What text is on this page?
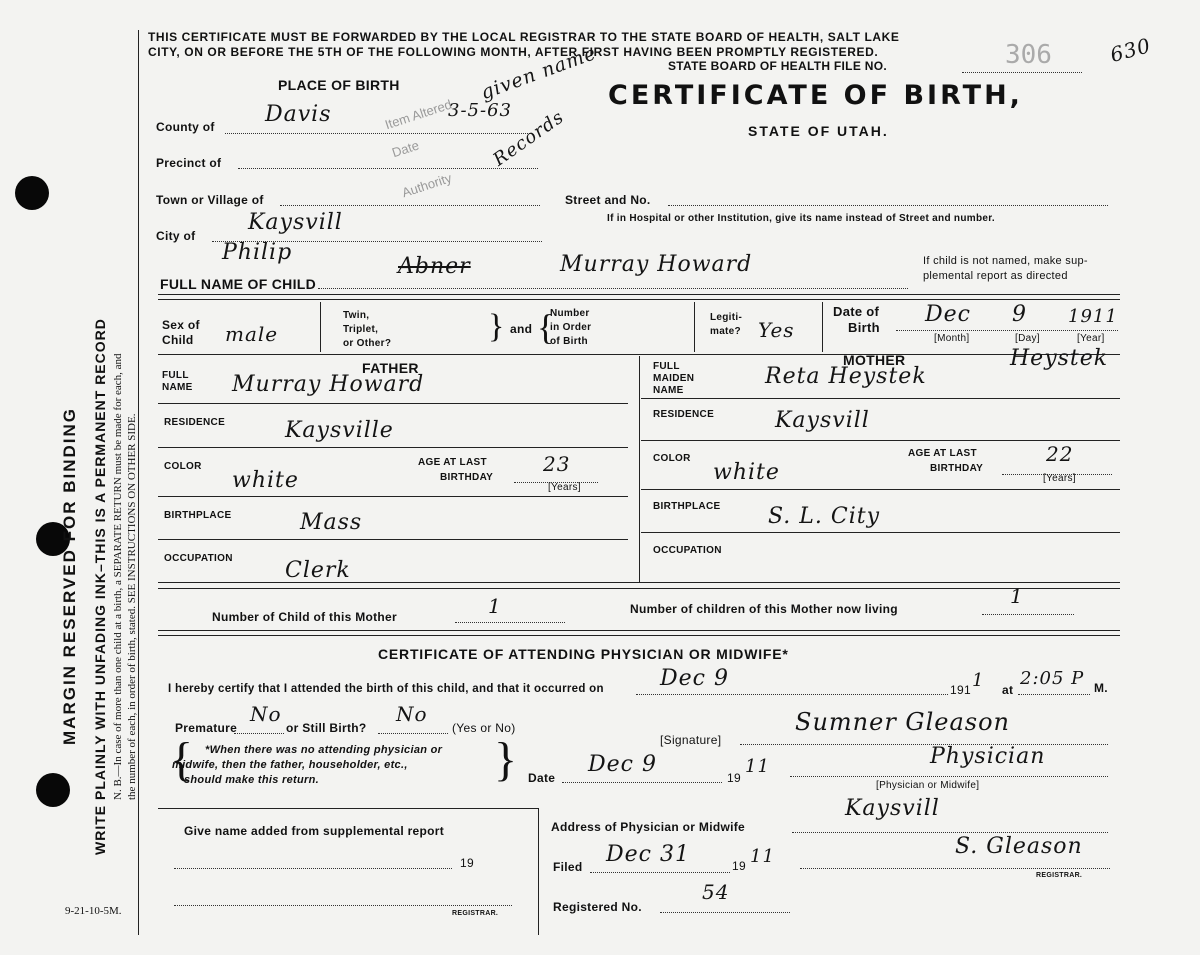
MARGIN RESERVED FOR BINDING WRITE PLAINLY WITH UNFADING INK–THIS IS A PERMANENT RECORD N. B.—In case of more than one child at a birth, a SEPARATE RETURN must be made for each, and the number of each, in order of birth, stated. SEE INSTRUCTIONS ON OTHER SIDE.
9-21-10-5M.
THIS CERTIFICATE MUST BE FORWARDED BY THE LOCAL REGISTRAR TO THE STATE BOARD OF HEALTH, SALT LAKE
CITY, ON OR BEFORE THE 5TH OF THE FOLLOWING MONTH, AFTER FIRST HAVING BEEN PROMPTLY REGISTERED.
STATE BOARD OF HEALTH FILE NO.	306	630
PLACE OF BIRTH	CERTIFICATE OF BIRTH,
STATE OF UTAH.
County of Davis
Precinct of
Town or Village of	Street and No.
If in Hospital or other Institution, give its name instead of Street and number.
City of
Kaysvill
Item Altered
given name
Date
3-5-63
Authority
Records
Philip
FULL NAME OF CHILD
Abner	Murray Howard	If child is not named, make sup-
plemental report as directed
Sex of
Child male
Twin,
Triplet,
or Other?	} and {
Number
in Order
of Birth
Legiti-
mate? Yes
Date of
Birth
Dec 9 1911
[Month]	[Day]	[Year]
FATHER
FULL
NAME Murray Howard
RESIDENCE	Kaysville
COLOR
white
AGE AT LAST
BIRTHDAY
23
[Years]
BIRTHPLACE	Mass
OCCUPATION Clerk
MOTHER	Heystek
FULL
MAIDEN
NAME
Reta Heystek
RESIDENCE	Kaysvill
COLOR
white
AGE AT LAST
BIRTHDAY
22
[Years]
BIRTHPLACE S. L. City
OCCUPATION
Number of Child of this Mother	1	Number of children of this Mother now living
1
CERTIFICATE OF ATTENDING PHYSICIAN OR MIDWIFE*
I hereby certify that I attended the birth of this child, and that it occurred on	Dec 9	191 1 at
2:05 P M.
Premature
No
or Still Birth?
No
(Yes or No)
{ *When there was no attending physician or
midwife, then the father, householder, etc.,
should make this return.	}	[Signature]
Sumner Gleason
Date
Dec 9
19
11	Physician
[Physician or Midwife]
Give name added from supplemental report
19
REGISTRAR.
Address of Physician or Midwife
Kaysvill
Filed Dec 31	19 11	S. Gleason
REGISTRAR.
Registered No.
54
